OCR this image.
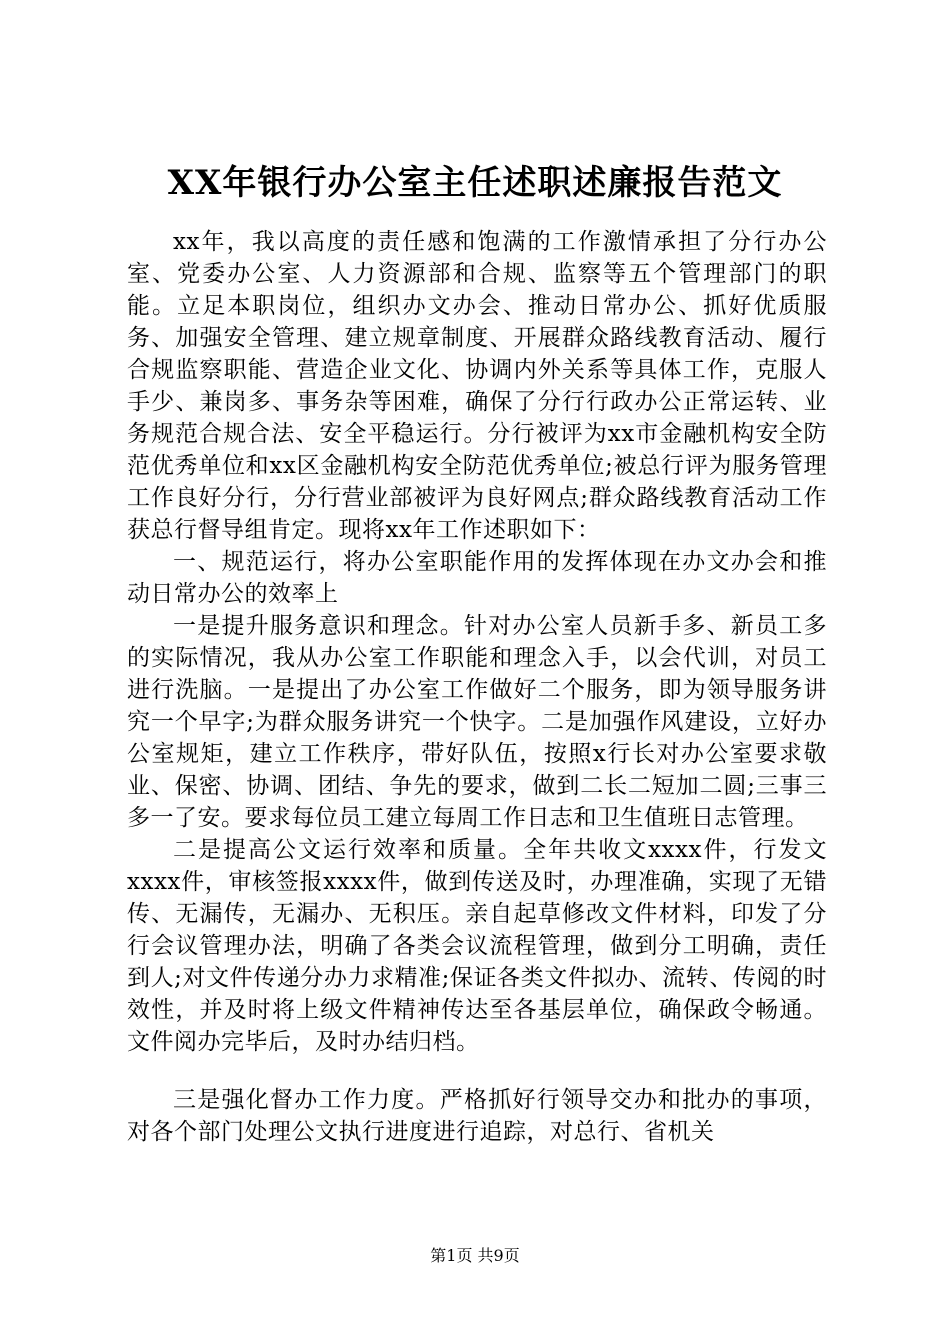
XX年银行办公室主任述职述廉报告范文

xx年，我以高度的责任感和饱满的工作激情承担了分行办公室、党委办公室、人力资源部和合规、监察等五个管理部门的职能。立足本职岗位，组织办文办会、推动日常办公、抓好优质服务、加强安全管理、建立规章制度、开展群众路线教育活动、履行合规监察职能、营造企业文化、协调内外关系等具体工作，克服人手少、兼岗多、事务杂等困难，确保了分行行政办公正常运转、业务规范合规合法、安全平稳运行。分行被评为xx市金融机构安全防范优秀单位和xx区金融机构安全防范优秀单位;被总行评为服务管理工作良好分行，分行营业部被评为良好网点;群众路线教育活动工作获总行督导组肯定。现将xx年工作述职如下：

一、规范运行，将办公室职能作用的发挥体现在办文办会和推动日常办公的效率上

一是提升服务意识和理念。针对办公室人员新手多、新员工多的实际情况，我从办公室工作职能和理念入手，以会代训，对员工进行洗脑。一是提出了办公室工作做好二个服务，即为领导服务讲究一个早字;为群众服务讲究一个快字。二是加强作风建设，立好办公室规矩，建立工作秩序，带好队伍，按照x行长对办公室要求敬业、保密、协调、团结、争先的要求，做到二长二短加二圆;三事三多一了安。要求每位员工建立每周工作日志和卫生值班日志管理。

二是提高公文运行效率和质量。全年共收文xxxx件，行发文xxxx件，审核签报xxxx件，做到传送及时，办理准确，实现了无错传、无漏传，无漏办、无积压。亲自起草修改文件材料，印发了分行会议管理办法，明确了各类会议流程管理，做到分工明确，责任到人;对文件传递分办力求精准;保证各类文件拟办、流转、传阅的时效性，并及时将上级文件精神传达至各基层单位，确保政令畅通。文件阅办完毕后，及时办结归档。

三是强化督办工作力度。严格抓好行领导交办和批办的事项，对各个部门处理公文执行进度进行追踪，对总行、省机关

第1页 共9页
